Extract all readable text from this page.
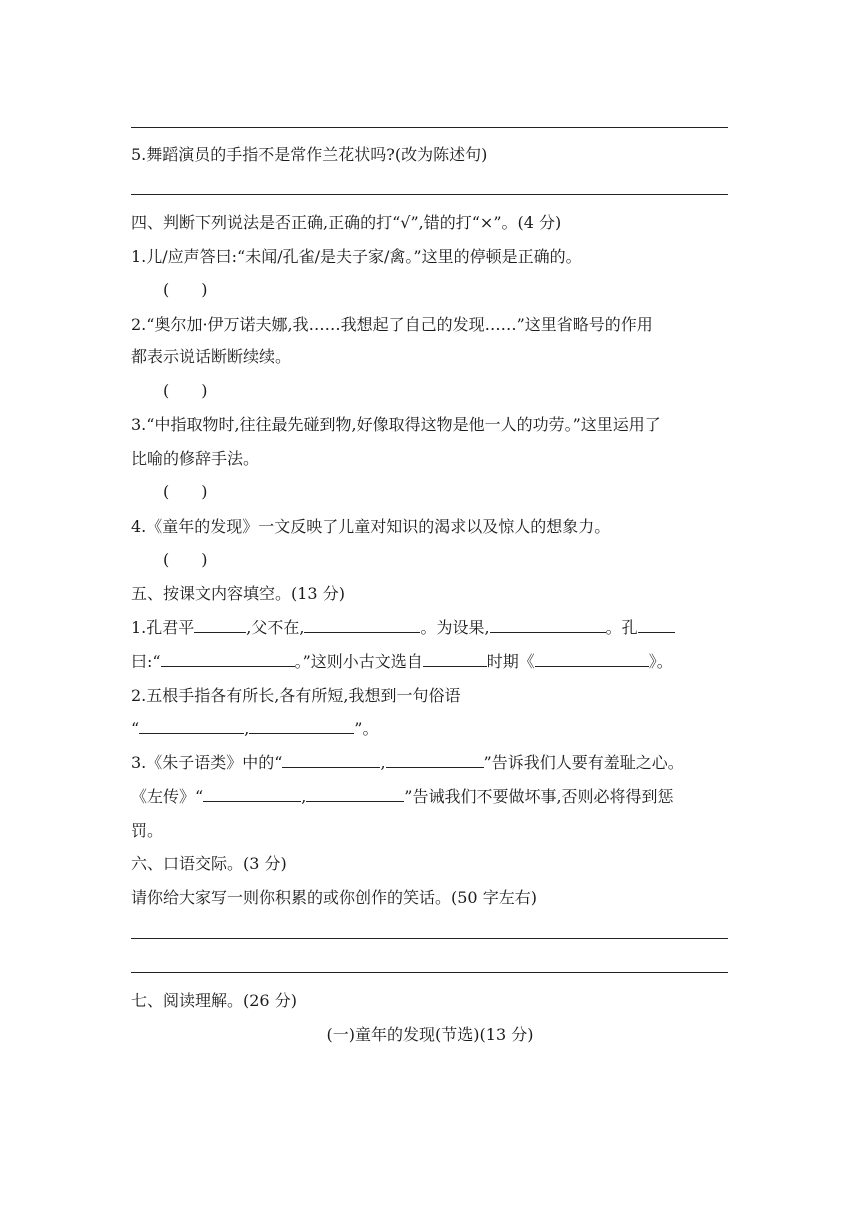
5.舞蹈演员的手指不是常作兰花状吗?(改为陈述句)
四、判断下列说法是否正确,正确的打“√”,错的打“×”。(4 分)
1.儿/应声答曰:“未闻/孔雀/是夫子家/禽。”这里的停顿是正确的。
(　　)
2.“奥尔加·伊万诺夫娜,我……我想起了自己的发现……”这里省略号的作用
都表示说话断断续续。
(　　)
3.“中指取物时,往往最先碰到物,好像取得这物是他一人的功劳。”这里运用了
比喻的修辞手法。
(　　)
4.《童年的发现》一文反映了儿童对知识的渴求以及惊人的想象力。
(　　)
五、按课文内容填空。(13 分)
1.孔君平	,父不在,	。为设果,	。孔
曰:“	。”这则小古文选自	时期《	》。
2.五根手指各有所长,各有所短,我想到一句俗语
“	,	”。
3.《朱子语类》中的“	,	”告诉我们人要有羞耻之心。
《左传》“	,	”告诫我们不要做坏事,否则必将得到惩
罚。
六、口语交际。(3 分)
请你给大家写一则你积累的或你创作的笑话。(50 字左右)
七、阅读理解。(26 分)
(一)童年的发现(节选)(13 分)
